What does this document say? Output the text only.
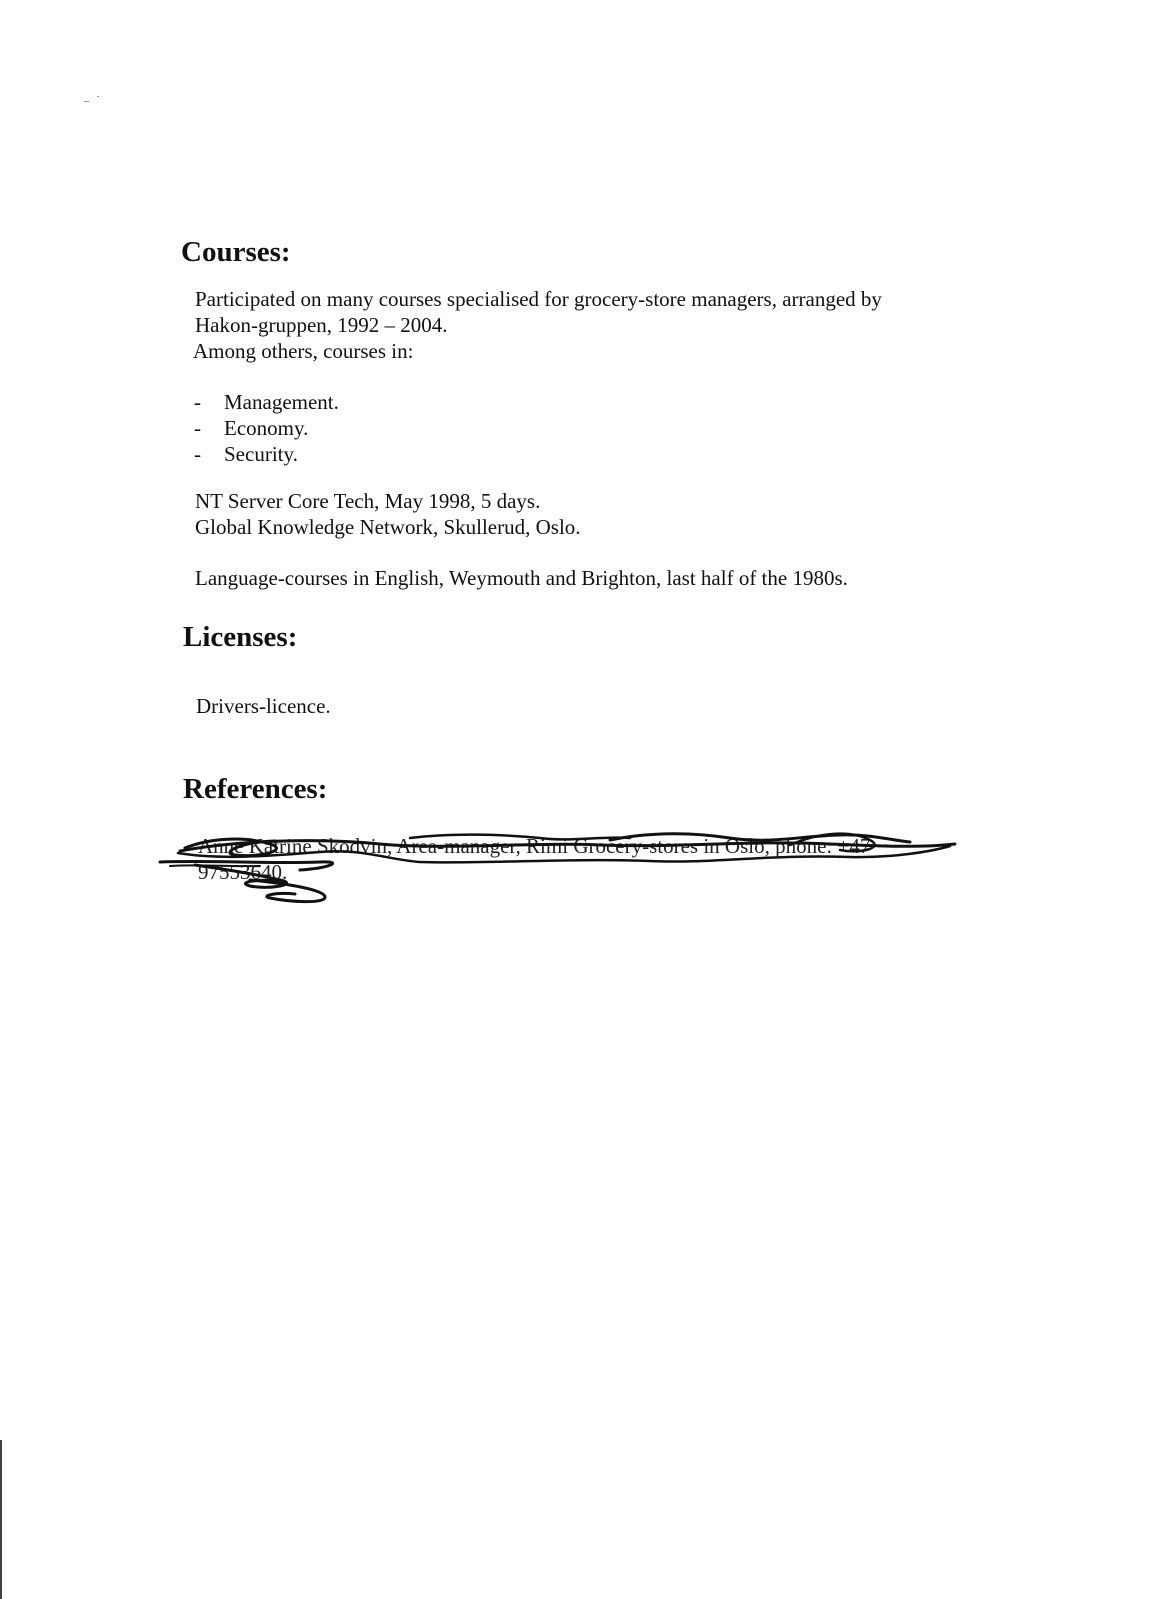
Courses:

Participated on many courses specialised for grocery-store managers, arranged by

Hakon-gruppen, 1992 – 2004.

Among others, courses in:

- Management.
- Economy.
- Security.

NT Server Core Tech, May 1998, 5 days.

Global Knowledge Network, Skullerud, Oslo.

Language-courses in English, Weymouth and Brighton, last half of the 1980s.

Licenses:

Drivers-licence.

References:
Anne Katrine Skodvin, Area-manager, Rimi Grocery-stores in Oslo, phone: +47
97553640.
